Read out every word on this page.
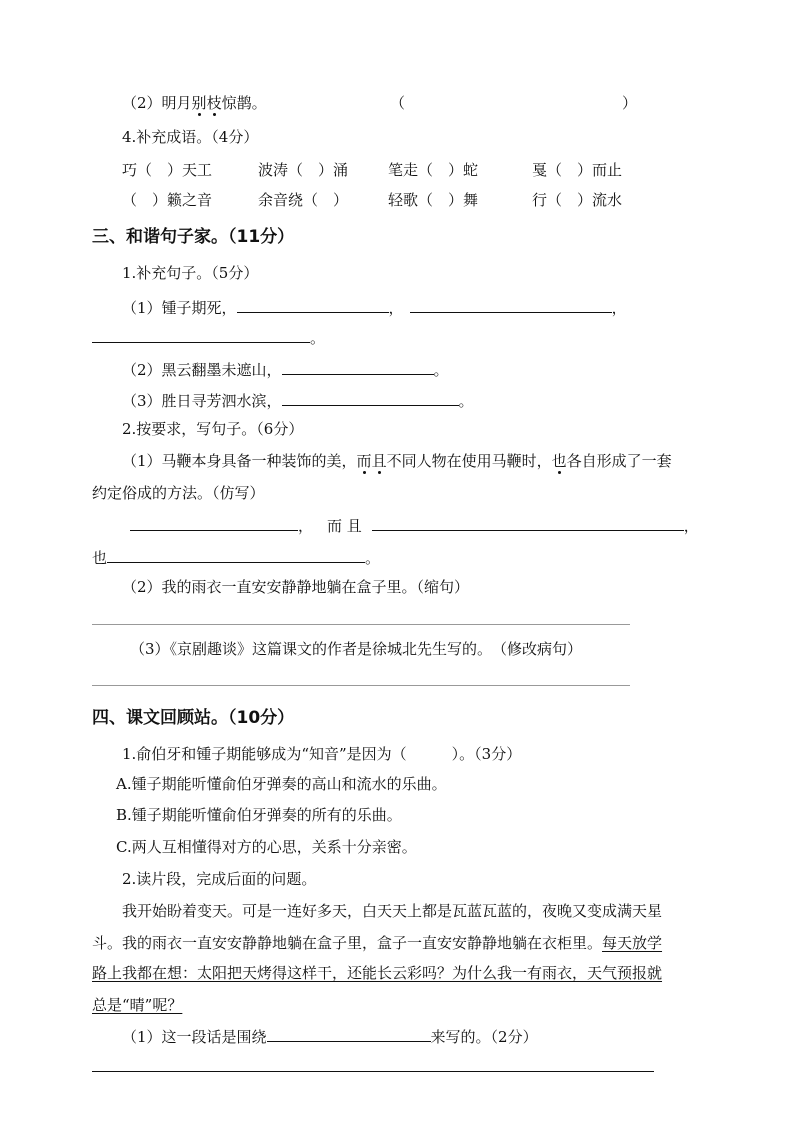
（2）明月别枝惊鹊。	（	）
4.补充成语。（4分）
巧（　）天工	波涛（　）涌	笔走（　）蛇	戛（　）而止
（　）籁之音	余音绕（　）	轻歌（　）舞	行（　）流水
三、和谐句子家。（11分）
1.补充句子。（5分）
（1）锺子期死，	，	，
。
（2）黑云翻墨未遮山，	。
（3）胜日寻芳泗水滨，	。
2.按要求，写句子。（6分）
（1）马鞭本身具备一种装饰的美，而且不同人物在使用马鞭时，也各自形成了一套
约定俗成的方法。（仿写）
， 而 且	，
也	。
（2）我的雨衣一直安安静静地躺在盒子里。（缩句）
（3）《京剧趣谈》这篇课文的作者是徐城北先生写的。　（修改病句）
四、课文回顾站。（10分）
1.俞伯牙和锺子期能够成为“知音”是因为（　　　）。（3分）
A.锺子期能听懂俞伯牙弹奏的高山和流水的乐曲。
B.锺子期能听懂俞伯牙弹奏的所有的乐曲。
C.两人互相懂得对方的心思，关系十分亲密。
2.读片段，完成后面的问题。
我开始盼着变天。可是一连好多天，白天天上都是瓦蓝瓦蓝的，夜晚又变成满天星
斗。我的雨衣一直安安静静地躺在盒子里，盒子一直安安静静地躺在衣柜里。每天放学
路上我都在想：太阳把天烤得这样干，还能长云彩吗？为什么我一有雨衣，天气预报就
总是“晴”呢？
（1）这一段话是围绕	来写的。（2分）
